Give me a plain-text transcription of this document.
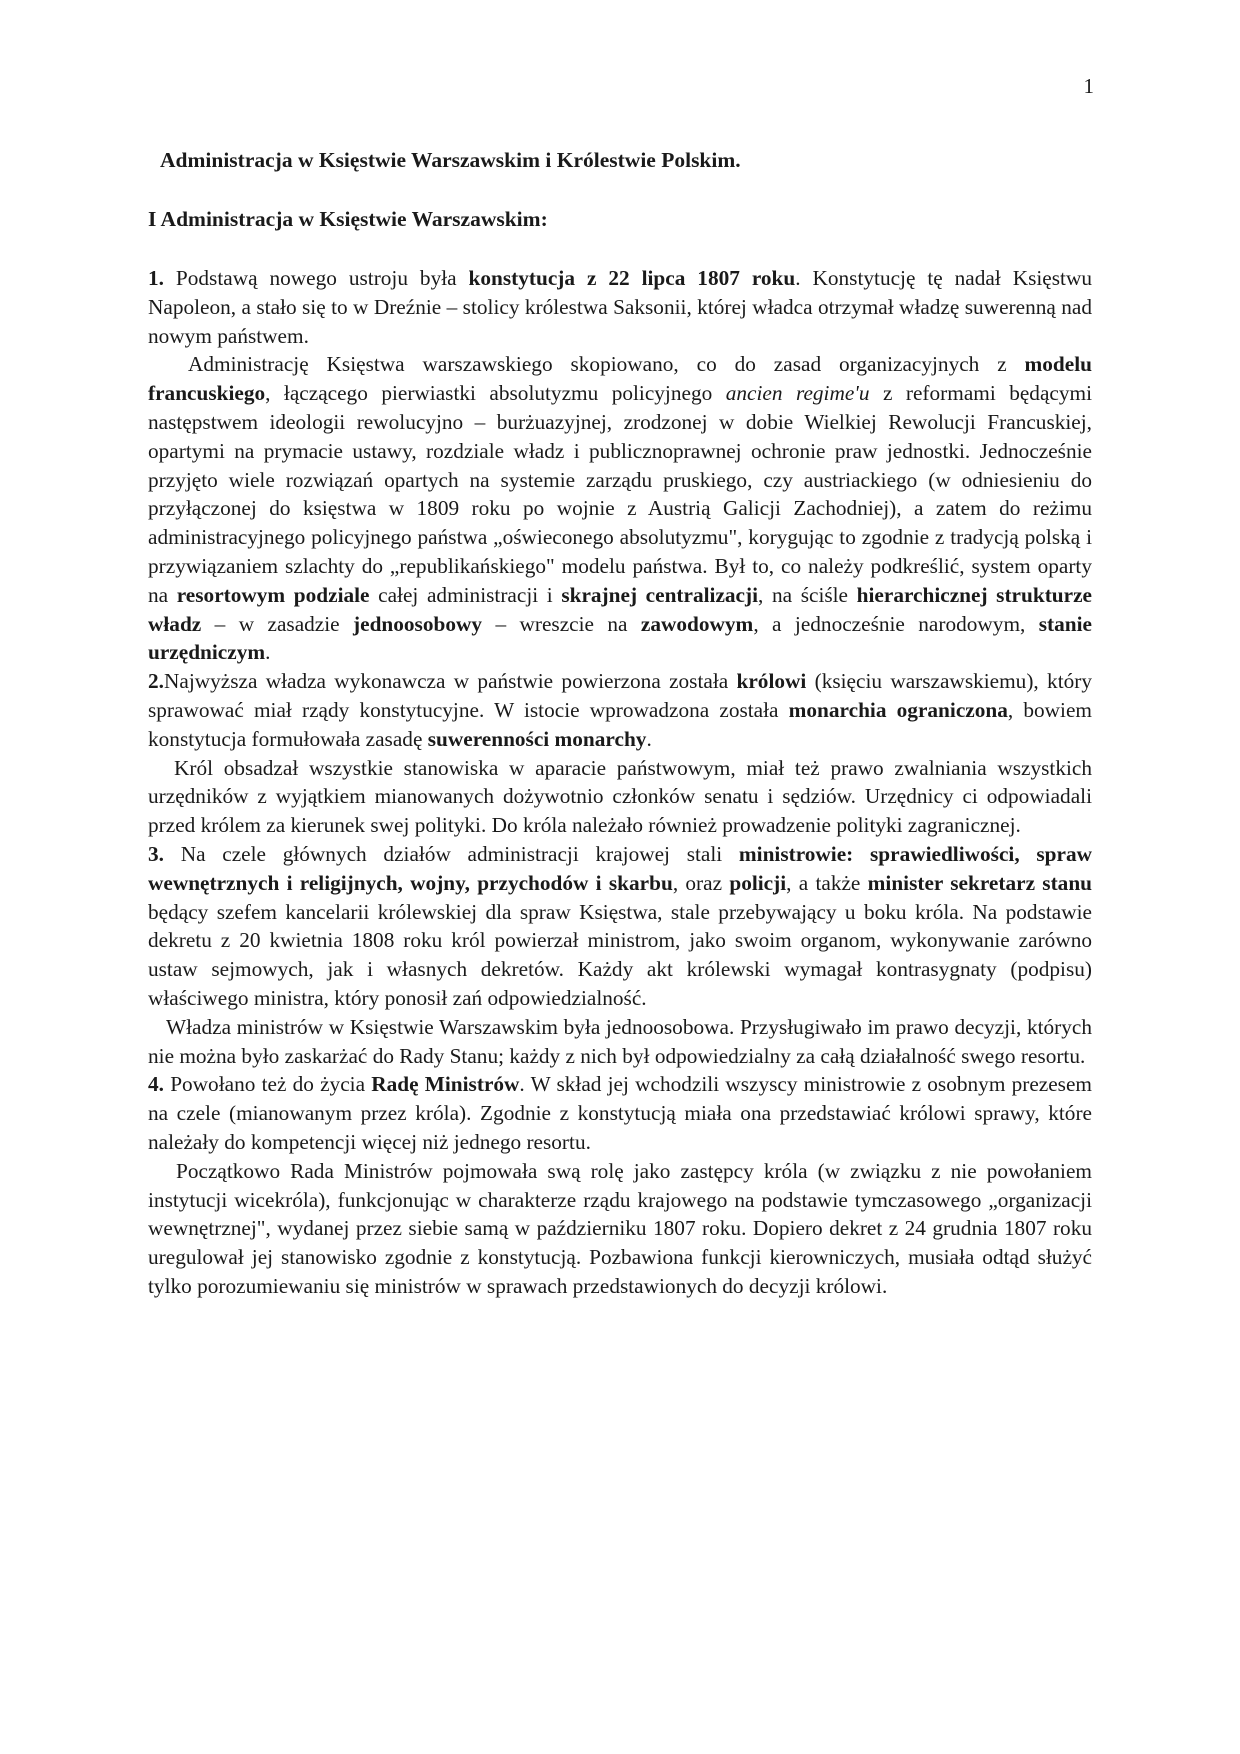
1
Administracja w Księstwie Warszawskim i Królestwie Polskim.
I Administracja w Księstwie Warszawskim:

1. Podstawą nowego ustroju była konstytucja z 22 lipca 1807 roku. Konstytucję tę nadał Księstwu Napoleon, a stało się to w Dreźnie – stolicy królestwa Saksonii, której władca otrzymał władzę suwerenną nad nowym państwem.

Administrację Księstwa warszawskiego skopiowano, co do zasad organizacyjnych z modelu francuskiego, łączącego pierwiastki absolutyzmu policyjnego ancien regime'u z reformami będącymi następstwem ideologii rewolucyjno – burżuazyjnej, zrodzonej w dobie Wielkiej Rewolucji Francuskiej, opartymi na prymacie ustawy, rozdziale władz i publicznoprawnej ochronie praw jednostki. Jednocześnie przyjęto wiele rozwiązań opartych na systemie zarządu pruskiego, czy austriackiego (w odniesieniu do przyłączonej do księstwa w 1809 roku po wojnie z Austrią Galicji Zachodniej), a zatem do reżimu administracyjnego policyjnego państwa „oświeconego absolutyzmu", korygując to zgodnie z tradycją polską i przywiązaniem szlachty do „republikańskiego" modelu państwa. Był to, co należy podkreślić, system oparty na resortowym podziale całej administracji i skrajnej centralizacji, na ściśle hierarchicznej strukturze władz – w zasadzie jednoosobowy – wreszcie na zawodowym, a jednocześnie narodowym, stanie urzędniczym.

2.Najwyższa władza wykonawcza w państwie powierzona została królowi (księciu warszawskiemu), który sprawować miał rządy konstytucyjne. W istocie wprowadzona została monarchia ograniczona, bowiem konstytucja formułowała zasadę suwerenności monarchy.

Król obsadzał wszystkie stanowiska w aparacie państwowym, miał też prawo zwalniania wszystkich urzędników z wyjątkiem mianowanych dożywotnio członków senatu i sędziów. Urzędnicy ci odpowiadali przed królem za kierunek swej polityki. Do króla należało również prowadzenie polityki zagranicznej.

3. Na czele głównych działów administracji krajowej stali ministrowie: sprawiedliwości, spraw wewnętrznych i religijnych, wojny, przychodów i skarbu, oraz policji, a także minister sekretarz stanu będący szefem kancelarii królewskiej dla spraw Księstwa, stale przebywający u boku króla. Na podstawie dekretu z 20 kwietnia 1808 roku król powierzał ministrom, jako swoim organom, wykonywanie zarówno ustaw sejmowych, jak i własnych dekretów. Każdy akt królewski wymagał kontrasygnaty (podpisu) właściwego ministra, który ponosił zań odpowiedzialność.

Władza ministrów w Księstwie Warszawskim była jednoosobowa. Przysługiwało im prawo decyzji, których nie można było zaskarżać do Rady Stanu; każdy z nich był odpowiedzialny za całą działalność swego resortu.

4. Powołano też do życia Radę Ministrów. W skład jej wchodzili wszyscy ministrowie z osobnym prezesem na czele (mianowanym przez króla). Zgodnie z konstytucją miała ona przedstawiać królowi sprawy, które należały do kompetencji więcej niż jednego resortu.

Początkowo Rada Ministrów pojmowała swą rolę jako zastępcy króla (w związku z nie powołaniem instytucji wicekróla), funkcjonując w charakterze rządu krajowego na podstawie tymczasowego „organizacji wewnętrznej", wydanej przez siebie samą w październiku 1807 roku. Dopiero dekret z 24 grudnia 1807 roku uregulował jej stanowisko zgodnie z konstytucją. Pozbawiona funkcji kierowniczych, musiała odtąd służyć tylko porozumiewaniu się ministrów w sprawach przedstawionych do decyzji królowi.
